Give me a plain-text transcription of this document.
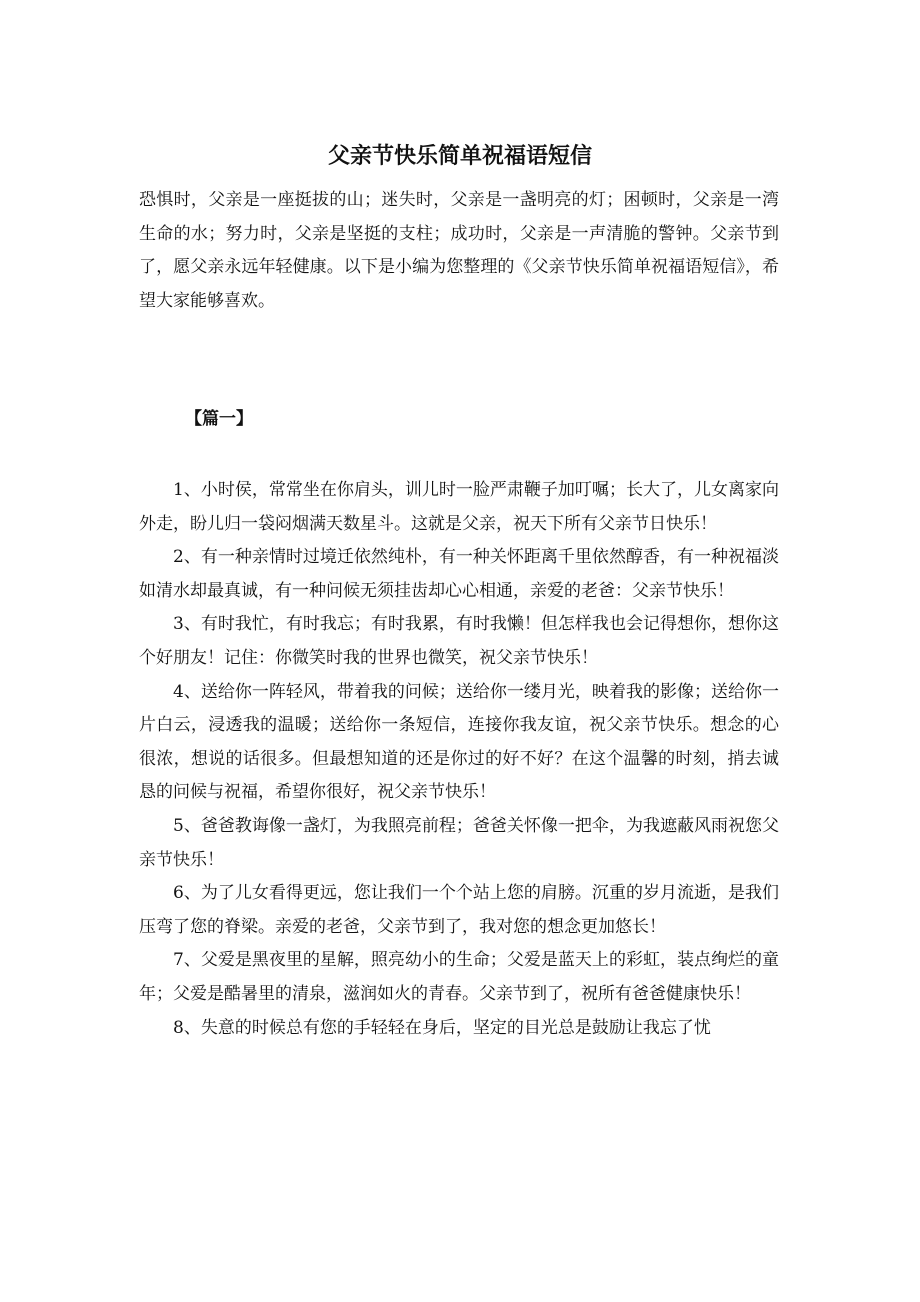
父亲节快乐简单祝福语短信

恐惧时，父亲是一座挺拔的山；迷失时，父亲是一盏明亮的灯；困顿时，父亲是一湾生命的水；努力时，父亲是坚挺的支柱；成功时，父亲是一声清脆的警钟。父亲节到了，愿父亲永远年轻健康。以下是小编为您整理的《父亲节快乐简单祝福语短信》，希望大家能够喜欢。

【篇一】

1、小时侯，常常坐在你肩头，训儿时一脸严肃鞭子加叮嘱；长大了，儿女离家向外走，盼儿归一袋闷烟满天数星斗。这就是父亲，祝天下所有父亲节日快乐！

2、有一种亲情时过境迁依然纯朴，有一种关怀距离千里依然醇香，有一种祝福淡如清水却最真诚，有一种问候无须挂齿却心心相通，亲爱的老爸：父亲节快乐！

3、有时我忙，有时我忘；有时我累，有时我懒！但怎样我也会记得想你，想你这个好朋友！记住：你微笑时我的世界也微笑，祝父亲节快乐！

4、送给你一阵轻风，带着我的问候；送给你一缕月光，映着我的影像；送给你一片白云，浸透我的温暖；送给你一条短信，连接你我友谊，祝父亲节快乐。想念的心很浓，想说的话很多。但最想知道的还是你过的好不好？在这个温馨的时刻，捎去诚恳的问候与祝福，希望你很好，祝父亲节快乐！

5、爸爸教诲像一盏灯，为我照亮前程；爸爸关怀像一把伞，为我遮蔽风雨祝您父亲节快乐！

6、为了儿女看得更远，您让我们一个个站上您的肩膀。沉重的岁月流逝，是我们压弯了您的脊梁。亲爱的老爸，父亲节到了，我对您的想念更加悠长！

7、父爱是黑夜里的星解，照亮幼小的生命；父爱是蓝天上的彩虹，装点绚烂的童年；父爱是酷暑里的清泉，滋润如火的青春。父亲节到了，祝所有爸爸健康快乐！

8、失意的时候总有您的手轻轻在身后，坚定的目光总是鼓励让我忘了忧
